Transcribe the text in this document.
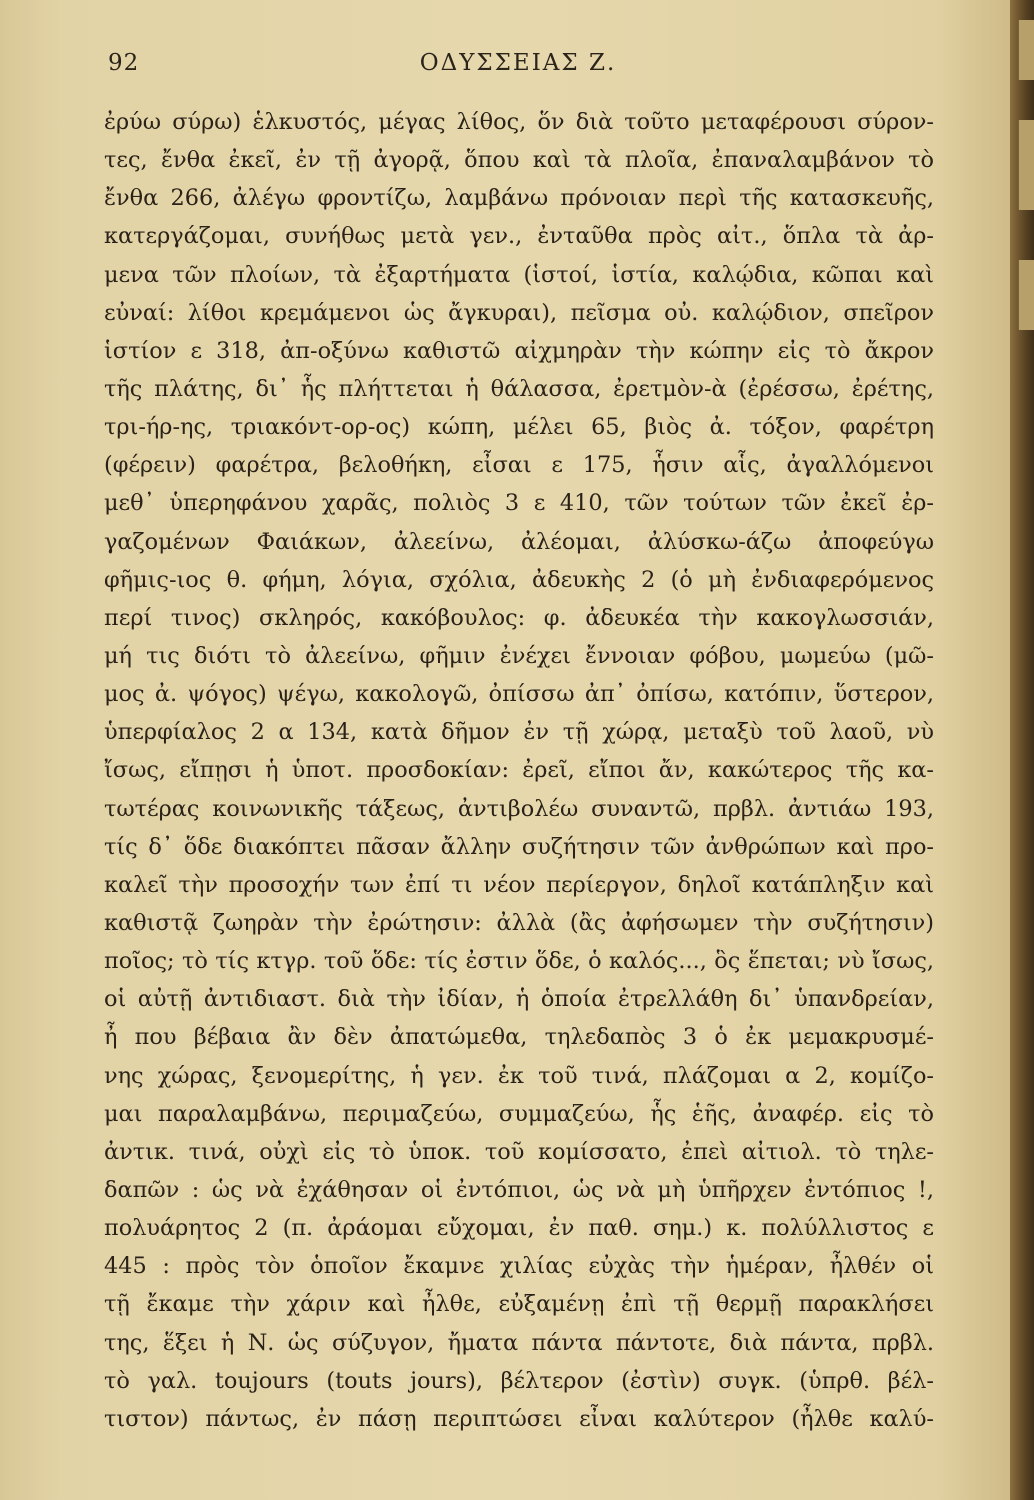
92	ΟΔΥΣΣΕΙΑΣ Ζ.
ἐρύω σύρω) ἑλκυστός, μέγας λίθος, ὅν διὰ τοῦτο μεταφέρουσι σύρον-
τες, ἔνθα ἐκεῖ, ἐν τῇ ἀγορᾷ, ὅπου καὶ τὰ πλοῖα, ἐπαναλαμβάνον τὸ
ἔνθα 266, ἀλέγω φροντίζω, λαμβάνω πρόνοιαν περὶ τῆς κατασκευῆς,
κατεργάζομαι, συνήθως μετὰ γεν., ἐνταῦθα πρὸς αἰτ., ὅπλα τὰ ἀρ-
μενα τῶν πλοίων, τὰ ἐξαρτήματα (ἱστοί, ἱστία, καλῴδια, κῶπαι καὶ
εὐναί: λίθοι κρεμάμενοι ὡς ἄγκυραι), πεῖσμα οὐ. καλῴδιον, σπεῖρον
ἱστίον ε 318, ἀπ-οξύνω καθιστῶ αἰχμηρὰν τὴν κώπην εἰς τὸ ἄκρον
τῆς πλάτης, δι᾽ ἧς πλήττεται ἡ θάλασσα, ἐρετμὸν-ὰ (ἐρέσσω, ἐρέτης,
τρι-ήρ-ης, τριακόντ-ορ-ος) κώπη, μέλει 65, βιὸς ἀ. τόξον, φαρέτρη
(φέρειν) φαρέτρα, βελοθήκη, εἶσαι ε 175, ἧσιν αἷς, ἀγαλλόμενοι
μεθ᾽ ὑπερηφάνου χαρᾶς, πολιὸς 3 ε 410, τῶν τούτων τῶν ἐκεῖ ἐρ-
γαζομένων Φαιάκων, ἀλεείνω, ἀλέομαι, ἀλύσκω-άζω ἀποφεύγω
φῆμις-ιος θ. φήμη, λόγια, σχόλια, ἀδευκὴς 2 (ὁ μὴ ἐνδιαφερόμενος
περί τινος) σκληρός, κακόβουλος: φ. ἀδευκέα τὴν κακογλωσσιάν,
μή τις διότι τὸ ἀλεείνω, φῆμιν ἐνέχει ἔννοιαν φόβου, μωμεύω (μῶ-
μος ἀ. ψόγος) ψέγω, κακολογῶ, ὀπίσσω ἀπ᾽ ὀπίσω, κατόπιν, ὕστερον,
ὑπερφίαλος 2 α 134, κατὰ δῆμον ἐν τῇ χώρᾳ, μεταξὺ τοῦ λαοῦ, νὺ
ἴσως, εἴπῃσι ἡ ὑποτ. προσδοκίαν: ἐρεῖ, εἴποι ἄν, κακώτερος τῆς κα-
τωτέρας κοινωνικῆς τάξεως, ἀντιβολέω συναντῶ, πρβλ. ἀντιάω 193,
τίς δ᾽ ὅδε διακόπτει πᾶσαν ἄλλην συζήτησιν τῶν ἀνθρώπων καὶ προ-
καλεῖ τὴν προσοχήν των ἐπί τι νέον περίεργον, δηλοῖ κατάπληξιν καὶ
καθιστᾷ ζωηρὰν τὴν ἐρώτησιν: ἀλλὰ (ἂς ἀφήσωμεν τὴν συζήτησιν)
ποῖος; τὸ τίς κτγρ. τοῦ ὅδε: τίς ἐστιν ὅδε, ὁ καλός..., ὃς ἕπεται; νὺ ἴσως,
οἱ αὐτῇ ἀντιδιαστ. διὰ τὴν ἰδίαν, ἡ ὁποία ἐτρελλάθη δι᾽ ὑπανδρείαν,
ἦ που βέβαια ἂν δὲν ἀπατώμεθα, τηλεδαπὸς 3 ὁ ἐκ μεμακρυσμέ-
νης χώρας, ξενομερίτης, ἡ γεν. ἐκ τοῦ τινά, πλάζομαι α 2, κομίζο-
μαι παραλαμβάνω, περιμαζεύω, συμμαζεύω, ἧς ἑῆς, ἀναφέρ. εἰς τὸ
ἀντικ. τινά, οὐχὶ εἰς τὸ ὑποκ. τοῦ κομίσσατο, ἐπεὶ αἰτιολ. τὸ τηλε-
δαπῶν : ὡς νὰ ἐχάθησαν οἱ ἐντόπιοι, ὡς νὰ μὴ ὑπῆρχεν ἐντόπιος !,
πολυάρητος 2 (π. ἀράομαι εὔχομαι, ἐν παθ. σημ.) κ. πολύλλιστος ε
445 : πρὸς τὸν ὁποῖον ἔκαμνε χιλίας εὐχὰς τὴν ἡμέραν, ἦλθέν οἱ
τῇ ἔκαμε τὴν χάριν καὶ ἦλθε, εὐξαμένῃ ἐπὶ τῇ θερμῇ παρακλήσει
της, ἕξει ἡ Ν. ὡς σύζυγον, ἤματα πάντα πάντοτε, διὰ πάντα, πρβλ.
τὸ γαλ. toujours (touts jours), βέλτερον (ἐστὶν) συγκ. (ὑπρθ. βέλ-
τιστον) πάντως, ἐν πάσῃ περιπτώσει εἶναι καλύτερον (ἦλθε καλύ-
